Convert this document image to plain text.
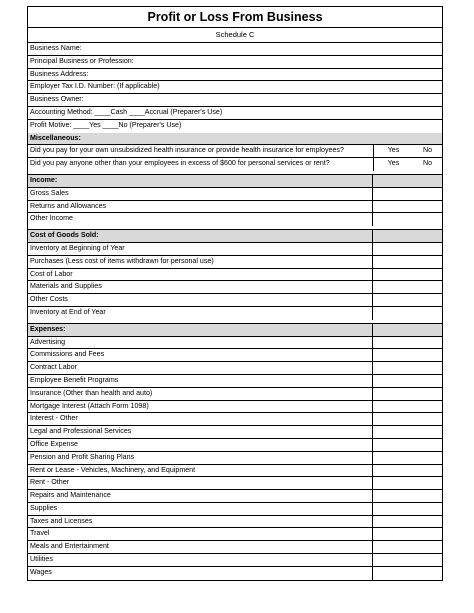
Profit or Loss From Business
Schedule C
Business Name:
Principal Business or Profession:
Business Address:
Employer Tax I.D. Number: (If applicable)
Business Owner:
Accounting Method: ____Cash ____Accrual (Preparer's Use)
Profit Motive: ____Yes ____No (Preparer's Use)
Miscellaneous:
Did you pay for your own unsubsidized health insurance or provide health insurance for employees?	Yes	No
Did you pay anyone other than your employees in excess of $600 for personal services or rent?	Yes	No
Income:
Gross Sales
Returns and Allowances
Other Income
Cost of Goods Sold:
Inventory at Beginning of Year
Purchases (Less cost of items withdrawn for personal use)
Cost of Labor
Materials and Supplies
Other Costs
Inventory at End of Year
Expenses:
Advertising
Commissions and Fees
Contract Labor
Employee Benefit Programs
Insurance (Other than health and auto)
Mortgage Interest (Attach Form 1098)
Interest - Other
Legal and Professional Services
Office Expense
Pension and Profit Sharing Plans
Rent or Lease - Vehicles, Machinery, and Equipment
Rent - Other
Repairs and Maintenance
Supplies
Taxes and Licenses
Travel
Meals and Entertainment
Utilities
Wages
